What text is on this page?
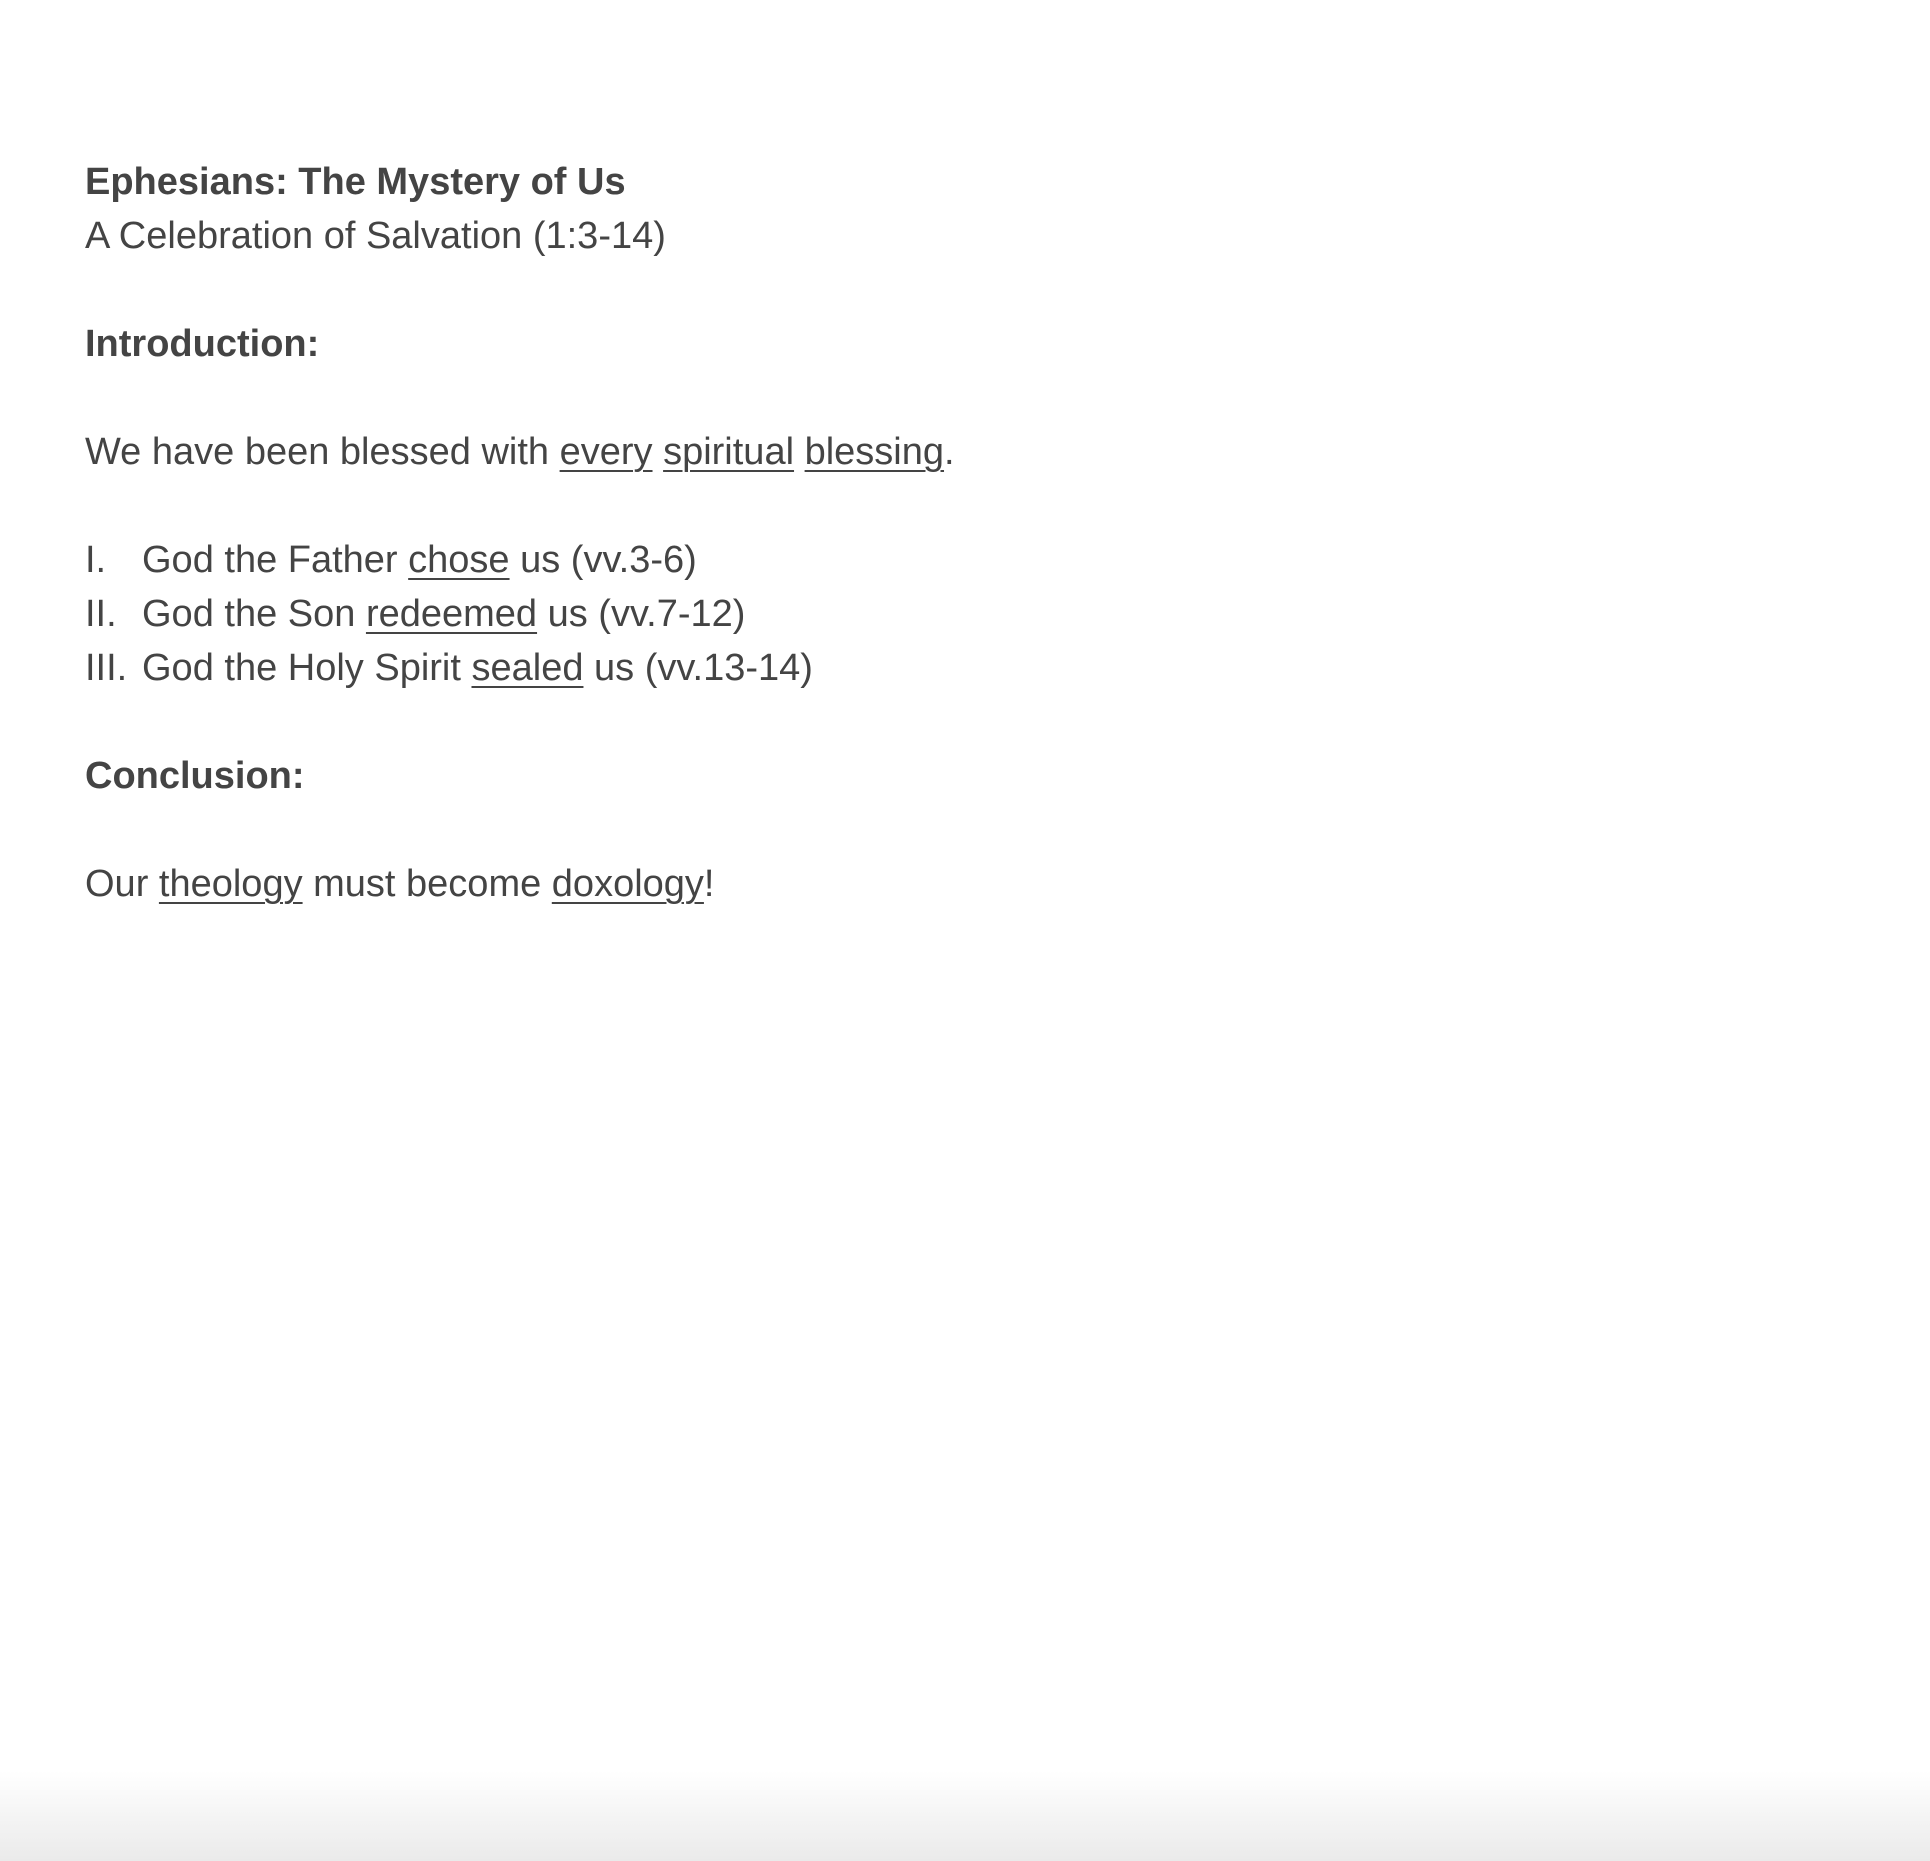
Ephesians: The Mystery of Us
A Celebration of Salvation (1:3-14)
Introduction:
We have been blessed with every spiritual blessing.
I. God the Father chose us (vv.3-6)
II. God the Son redeemed us (vv.7-12)
III. God the Holy Spirit sealed us (vv.13-14)
Conclusion:
Our theology must become doxology!
